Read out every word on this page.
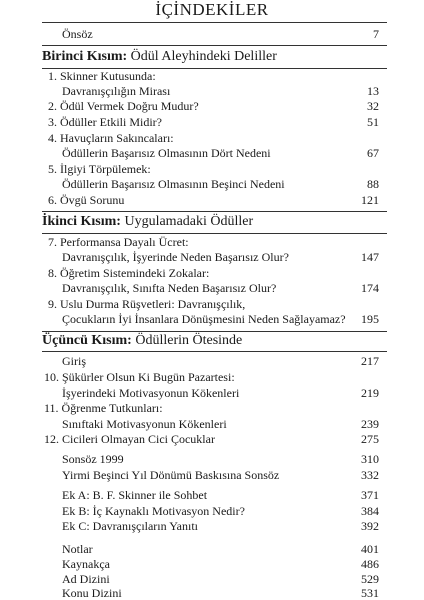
İÇİNDEKİLER
Önsöz	7
Birinci Kısım: Ödül Aleyhindeki Deliller
1. Skinner Kutusunda:
Davranışçılığın Mirası	13
2. Ödül Vermek Doğru Mudur?	32
3. Ödüller Etkili Midir?	51
4. Havuçların Sakıncaları:
Ödüllerin Başarısız Olmasının Dört Nedeni	67
5. İlgiyi Törpülemek:
Ödüllerin Başarısız Olmasının Beşinci Nedeni	88
6. Övgü Sorunu	121
İkinci Kısım: Uygulamadaki Ödüller
7. Performansa Dayalı Ücret:
Davranışçılık, İşyerinde Neden Başarısız Olur?	147
8. Öğretim Sistemindeki Zokalar:
Davranışçılık, Sınıfta Neden Başarısız Olur?	174
9. Uslu Durma Rüşvetleri: Davranışçılık,
Çocukların İyi İnsanlara Dönüşmesini Neden Sağlayamaz? 195
Üçüncü Kısım: Ödüllerin Ötesinde
Giriş	217
10. Şükürler Olsun Ki Bugün Pazartesi:
İşyerindeki Motivasyonun Kökenleri	219
11. Öğrenme Tutkunları:
Sınıftaki Motivasyonun Kökenleri	239
12. Cicileri Olmayan Cici Çocuklar	275
Sonsöz 1999	310
Yirmi Beşinci Yıl Dönümü Baskısına Sonsöz	332
Ek A: B. F. Skinner ile Sohbet	371
Ek B: İç Kaynaklı Motivasyon Nedir?	384
Ek C: Davranışçıların Yanıtı	392
Notlar	401
Kaynakça	486
Ad Dizini	529
Konu Dizini	531
